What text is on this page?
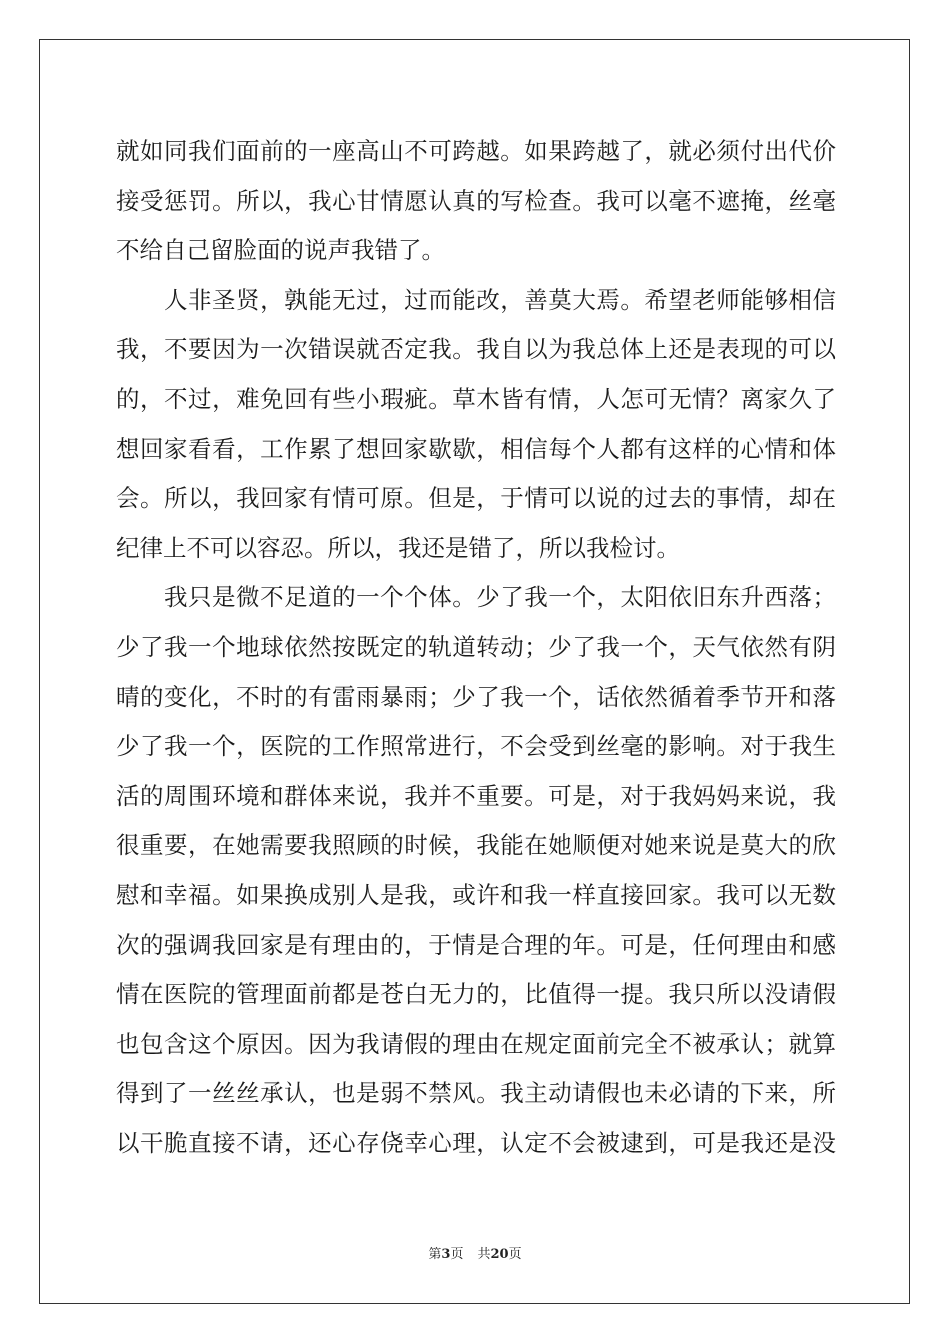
就如同我们面前的一座高山不可跨越。如果跨越了，就必须付出代价
接受惩罚。所以，我心甘情愿认真的写检查。我可以毫不遮掩，丝毫
不给自己留脸面的说声我错了。
人非圣贤，孰能无过，过而能改，善莫大焉。希望老师能够相信
我，不要因为一次错误就否定我。我自以为我总体上还是表现的可以
的，不过，难免回有些小瑕疵。草木皆有情，人怎可无情？离家久了
想回家看看，工作累了想回家歇歇，相信每个人都有这样的心情和体
会。所以，我回家有情可原。但是，于情可以说的过去的事情，却在
纪律上不可以容忍。所以，我还是错了，所以我检讨。
我只是微不足道的一个个体。少了我一个，太阳依旧东升西落；
少了我一个地球依然按既定的轨道转动；少了我一个，天气依然有阴
晴的变化，不时的有雷雨暴雨；少了我一个，话依然循着季节开和落
少了我一个，医院的工作照常进行，不会受到丝毫的影响。对于我生
活的周围环境和群体来说，我并不重要。可是，对于我妈妈来说，我
很重要，在她需要我照顾的时候，我能在她顺便对她来说是莫大的欣
慰和幸福。如果换成别人是我，或许和我一样直接回家。我可以无数
次的强调我回家是有理由的，于情是合理的年。可是，任何理由和感
情在医院的管理面前都是苍白无力的，比值得一提。我只所以没请假
也包含这个原因。因为我请假的理由在规定面前完全不被承认；就算
得到了一丝丝承认，也是弱不禁风。我主动请假也未必请的下来，所
以干脆直接不请，还心存侥幸心理，认定不会被逮到，可是我还是没
第3页 共20页
